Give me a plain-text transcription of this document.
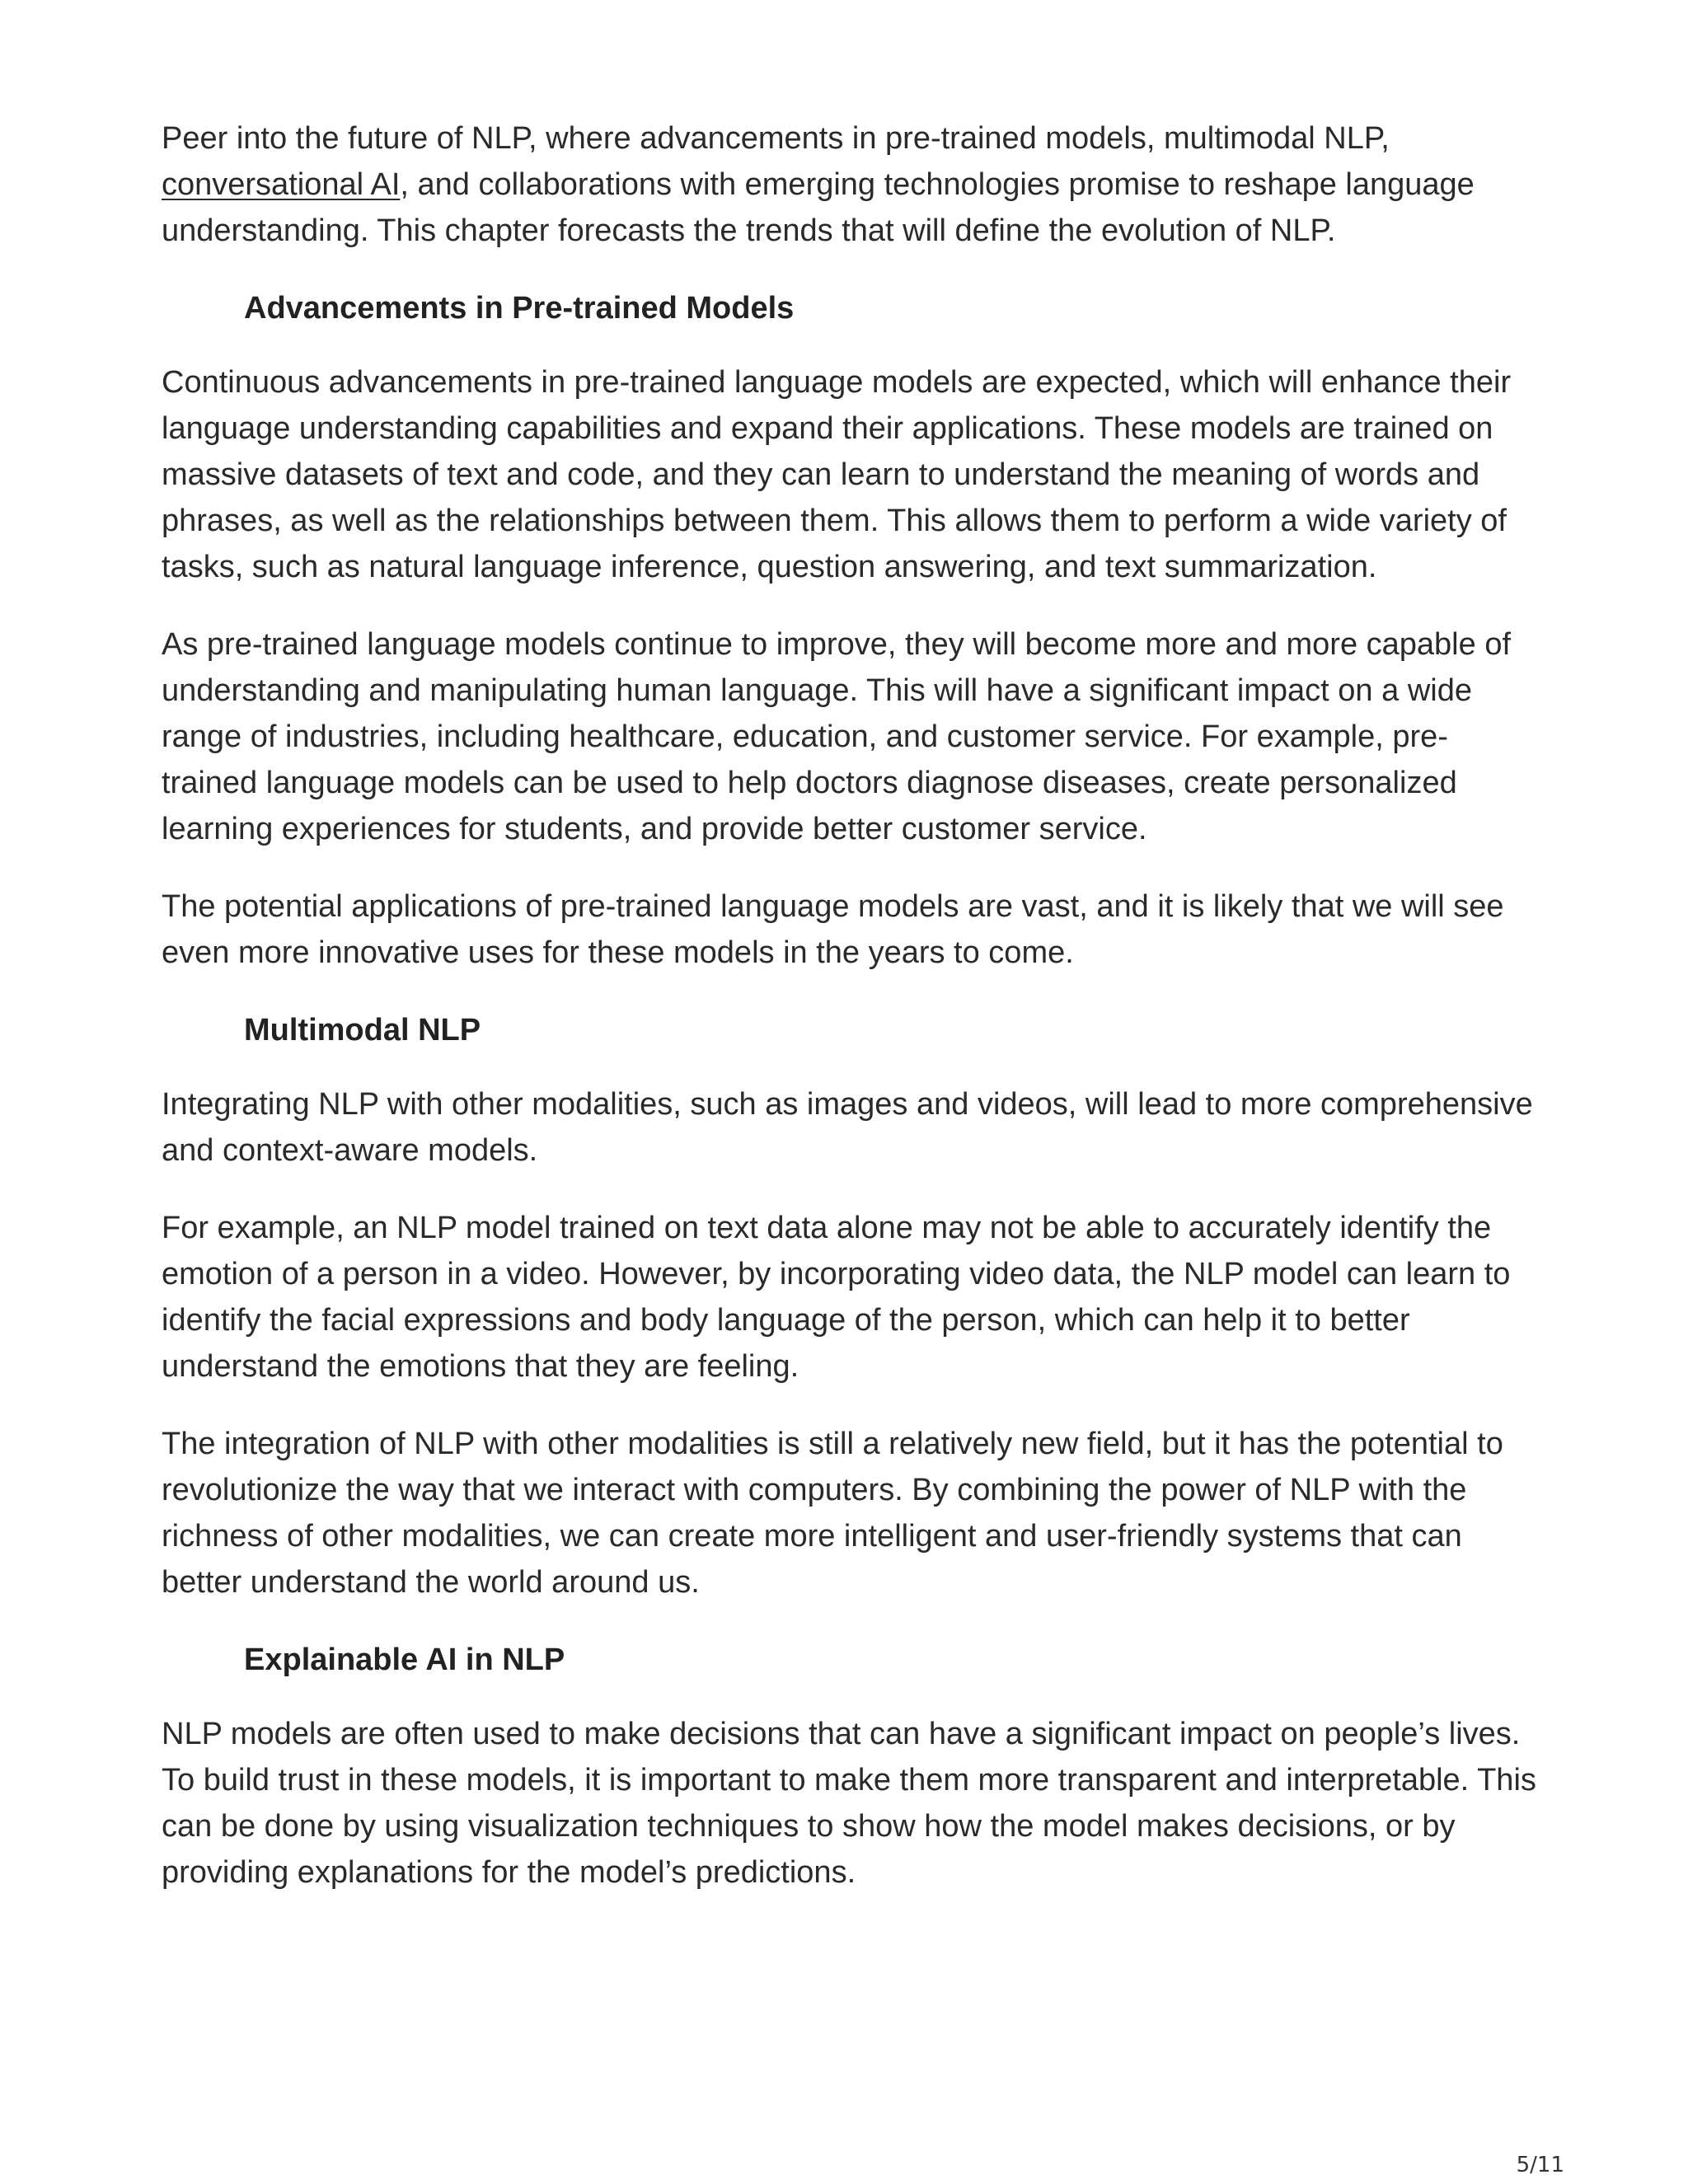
Peer into the future of NLP, where advancements in pre-trained models, multimodal NLP, conversational AI, and collaborations with emerging technologies promise to reshape language understanding. This chapter forecasts the trends that will define the evolution of NLP.

Advancements in Pre-trained Models

Continuous advancements in pre-trained language models are expected, which will enhance their language understanding capabilities and expand their applications. These models are trained on massive datasets of text and code, and they can learn to understand the meaning of words and phrases, as well as the relationships between them. This allows them to perform a wide variety of tasks, such as natural language inference, question answering, and text summarization.

As pre-trained language models continue to improve, they will become more and more capable of understanding and manipulating human language. This will have a significant impact on a wide range of industries, including healthcare, education, and customer service. For example, pre-trained language models can be used to help doctors diagnose diseases, create personalized learning experiences for students, and provide better customer service.

The potential applications of pre-trained language models are vast, and it is likely that we will see even more innovative uses for these models in the years to come.

Multimodal NLP

Integrating NLP with other modalities, such as images and videos, will lead to more comprehensive and context-aware models.

For example, an NLP model trained on text data alone may not be able to accurately identify the emotion of a person in a video. However, by incorporating video data, the NLP model can learn to identify the facial expressions and body language of the person, which can help it to better understand the emotions that they are feeling.

The integration of NLP with other modalities is still a relatively new field, but it has the potential to revolutionize the way that we interact with computers. By combining the power of NLP with the richness of other modalities, we can create more intelligent and user-friendly systems that can better understand the world around us.

Explainable AI in NLP

NLP models are often used to make decisions that can have a significant impact on people’s lives. To build trust in these models, it is important to make them more transparent and interpretable. This can be done by using visualization techniques to show how the model makes decisions, or by providing explanations for the model’s predictions.

5/11
